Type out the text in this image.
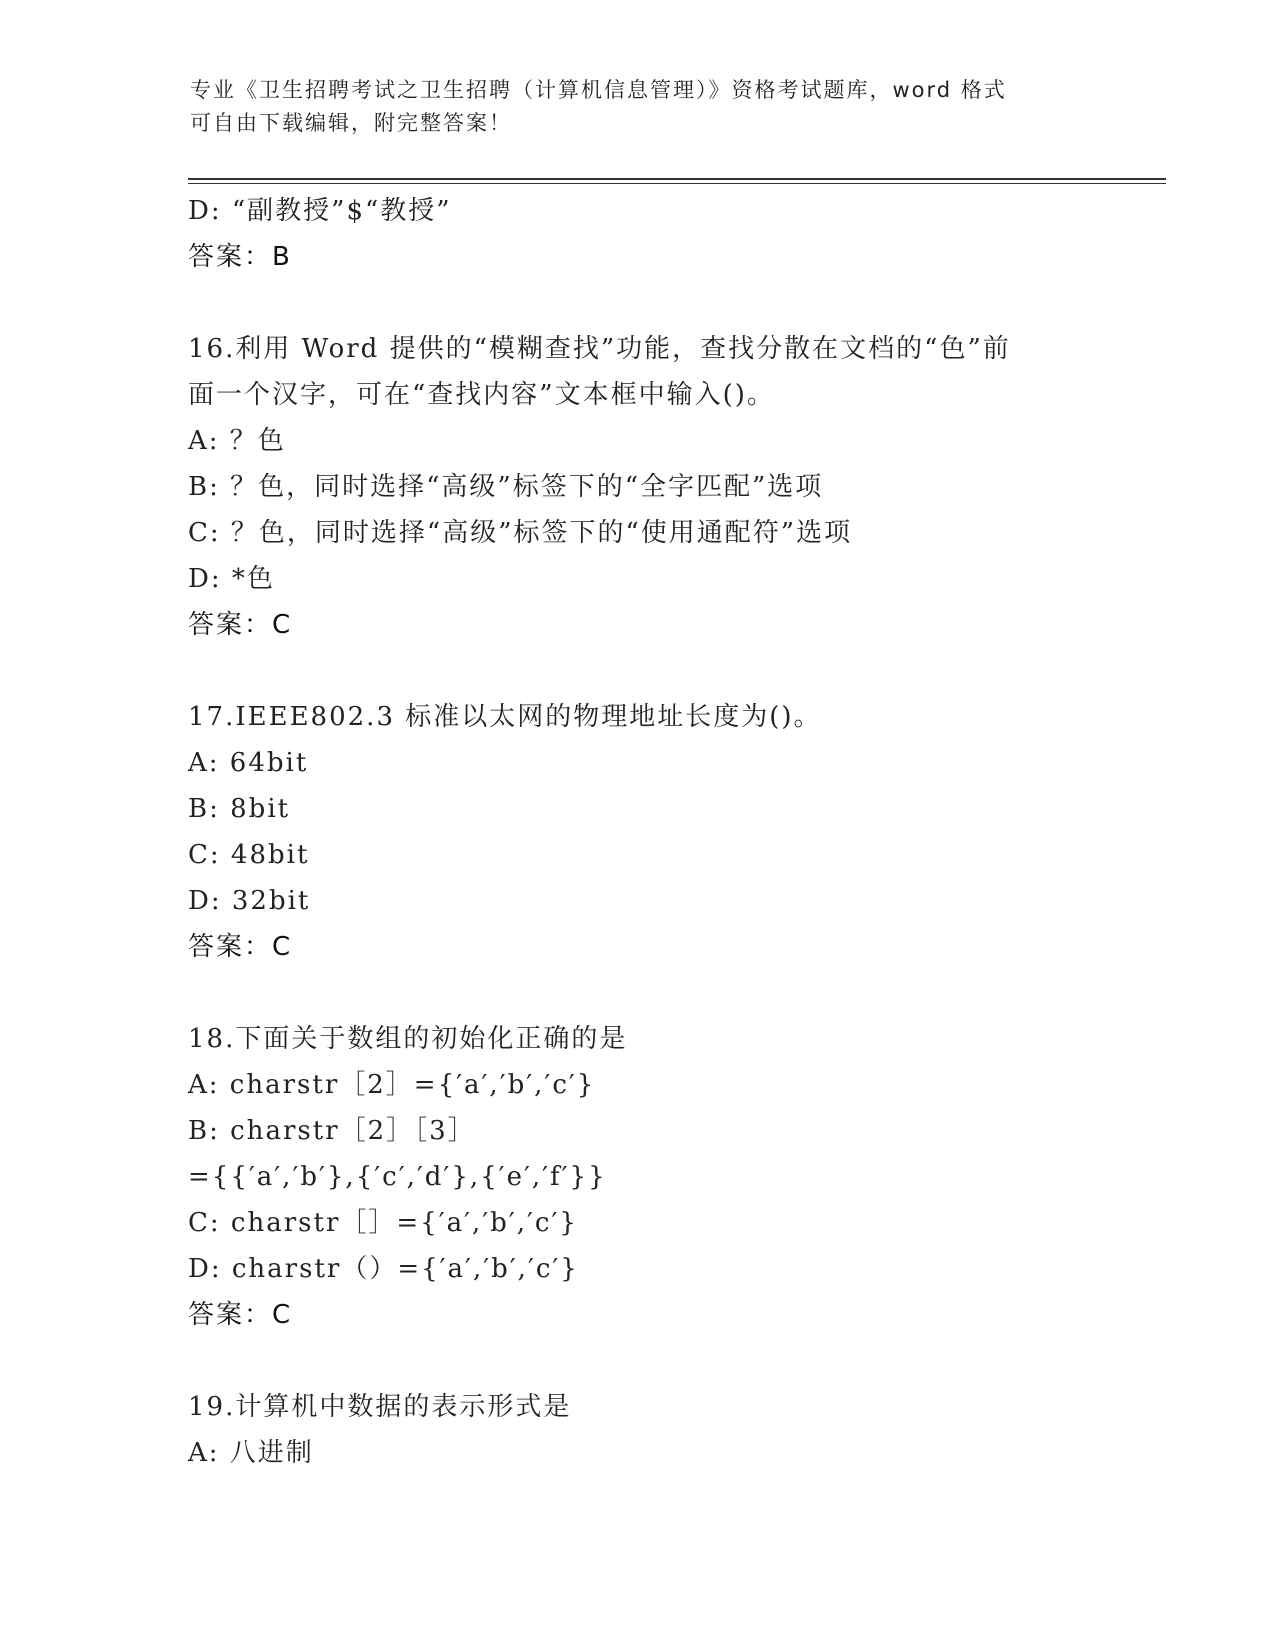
专业《卫生招聘考试之卫生招聘（计算机信息管理）》资格考试题库，word 格式
可自由下载编辑，附完整答案！
D: “副教授”$“教授”
答案：B
16.利用 Word 提供的“模糊查找”功能，查找分散在文档的“色”前
面一个汉字，可在“查找内容”文本框中输入()。
A: ？色
B: ？色，同时选择“高级”标签下的“全字匹配”选项
C: ？色，同时选择“高级”标签下的“使用通配符”选项
D: *色
答案：C
17.IEEE802.3 标准以太网的物理地址长度为()。
A: 64bit
B: 8bit
C: 48bit
D: 32bit
答案：C
18.下面关于数组的初始化正确的是
A: charstr［2］={′a′,′b′,′c′}
B: charstr［2］［3］
={{′a′,′b′},{′c′,′d′},{′e′,′f′}}
C: charstr［］={′a′,′b′,′c′}
D: charstr（）={′a′,′b′,′c′}
答案：C
19.计算机中数据的表示形式是
A: 八进制
